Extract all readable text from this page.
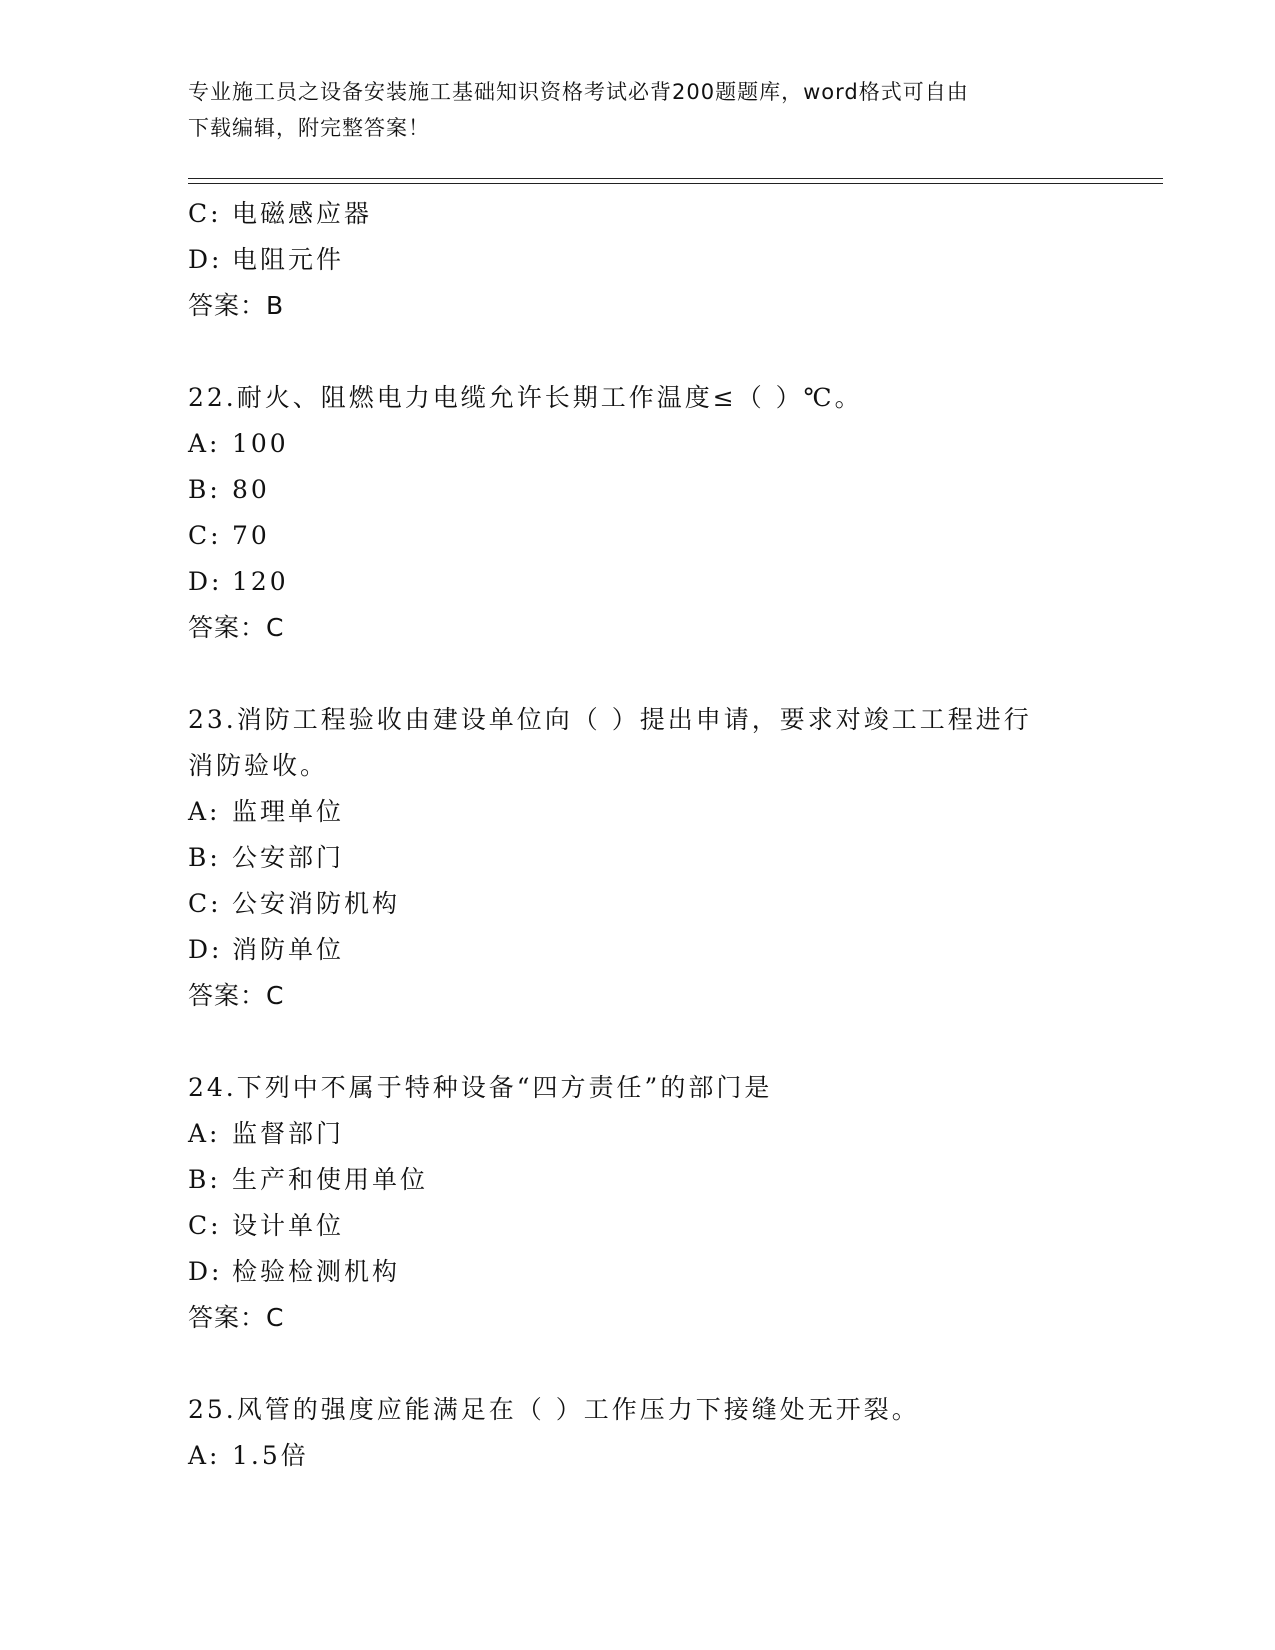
专业施工员之设备安装施工基础知识资格考试必背200题题库，word格式可自由
下载编辑，附完整答案！
C: 电磁感应器
D: 电阻元件
答案：B
22.耐火、阻燃电力电缆允许长期工作温度≤（ ）℃。
A: 100
B: 80
C: 70
D: 120
答案：C
23.消防工程验收由建设单位向（ ）提出申请，要求对竣工工程进行
消防验收。
A: 监理单位
B: 公安部门
C: 公安消防机构
D: 消防单位
答案：C
24.下列中不属于特种设备“四方责任”的部门是
A: 监督部门
B: 生产和使用单位
C: 设计单位
D: 检验检测机构
答案：C
25.风管的强度应能满足在（ ）工作压力下接缝处无开裂。
A: 1.5倍
